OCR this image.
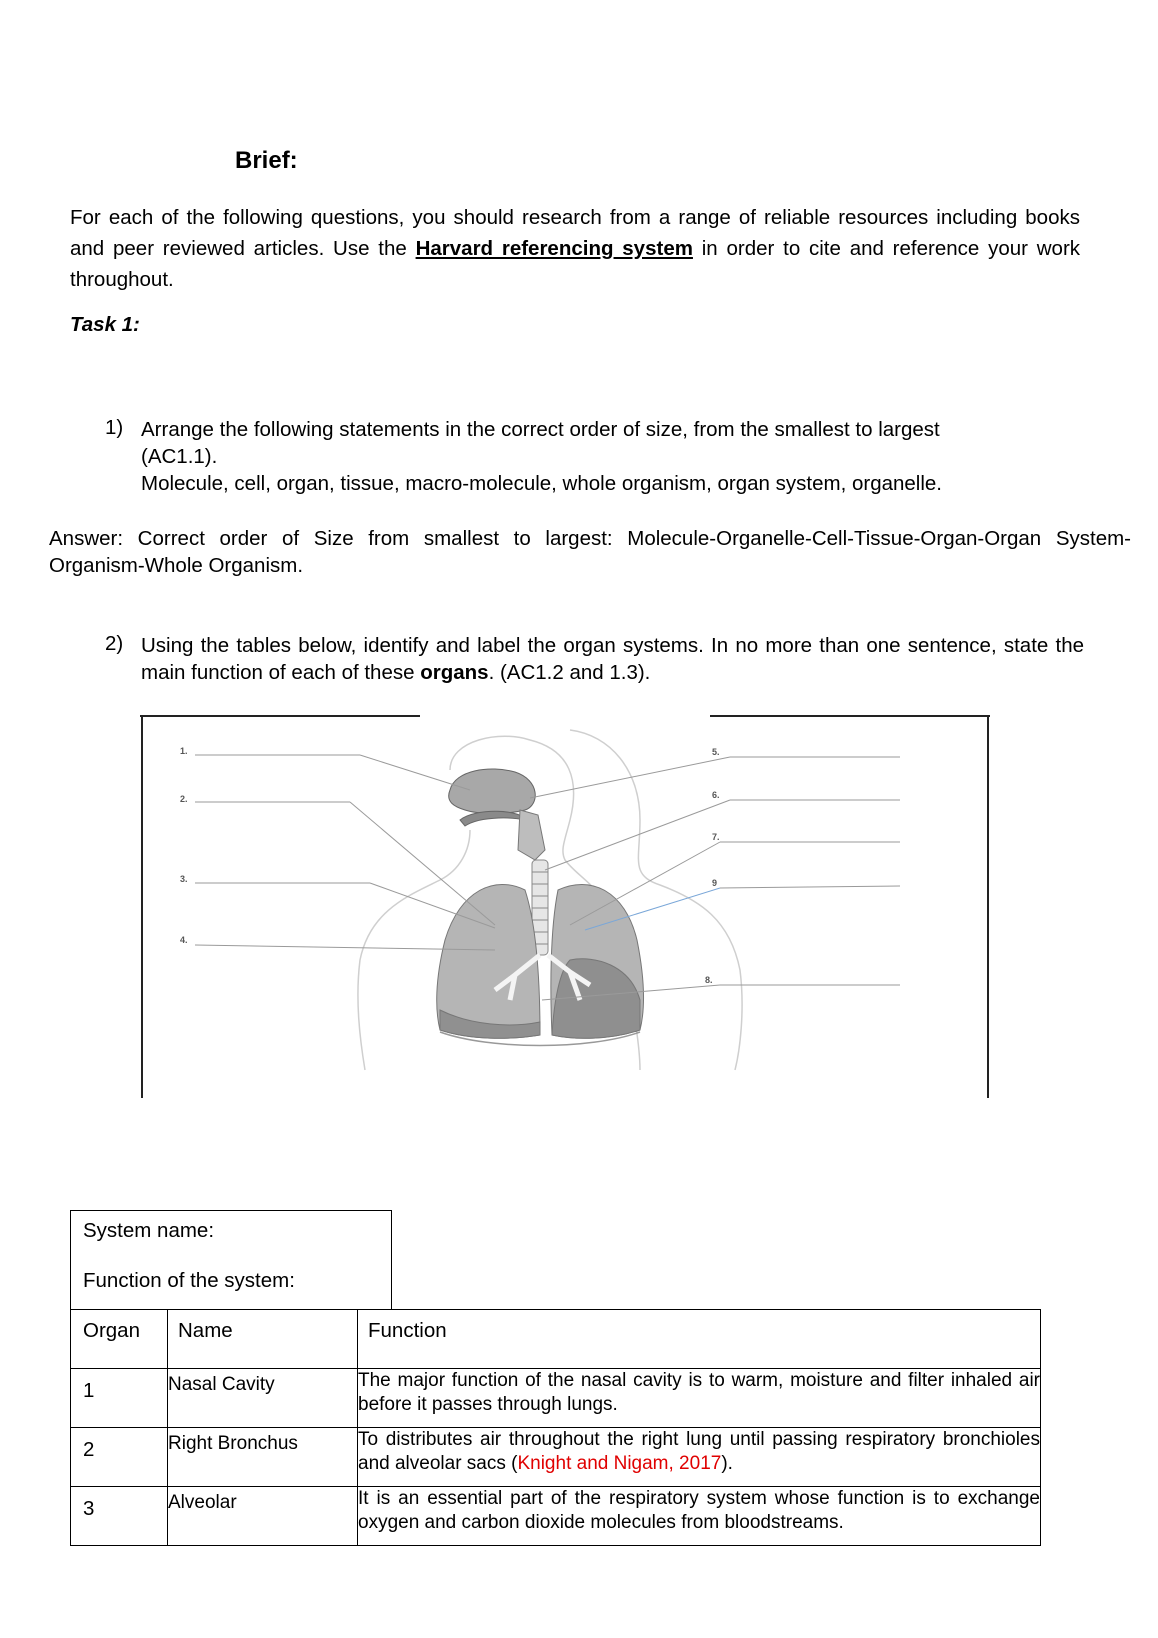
Brief:
For each of the following questions, you should research from a range of reliable resources including books and peer reviewed articles. Use the Harvard referencing system in order to cite and reference your work throughout.
Task 1:
1) Arrange the following statements in the correct order of size, from the smallest to largest
(AC1.1).
Molecule, cell, organ, tissue, macro-molecule, whole organism, organ system, organelle.
Answer: Correct order of Size from smallest to largest: Molecule-Organelle-Cell-Tissue-Organ-Organ System-Organism-Whole Organism.
2) Using the tables below, identify and label the organ systems. In no more than one sentence, state the main function of each of these organs. (AC1.2 and 1.3).
1.
2.
3.
4.
5.
6.
7.
9
8.
System name:
Function of the system:
Organ	Name	Function
1	Nasal Cavity	The major function of the nasal cavity is to warm, moisture and filter inhaled air before it passes through lungs.
2	Right Bronchus	To distributes air throughout the right lung until passing respiratory bronchioles and alveolar sacs (Knight and Nigam, 2017).
3	Alveolar	It is an essential part of the respiratory system whose function is to exchange oxygen and carbon dioxide molecules from bloodstreams.
